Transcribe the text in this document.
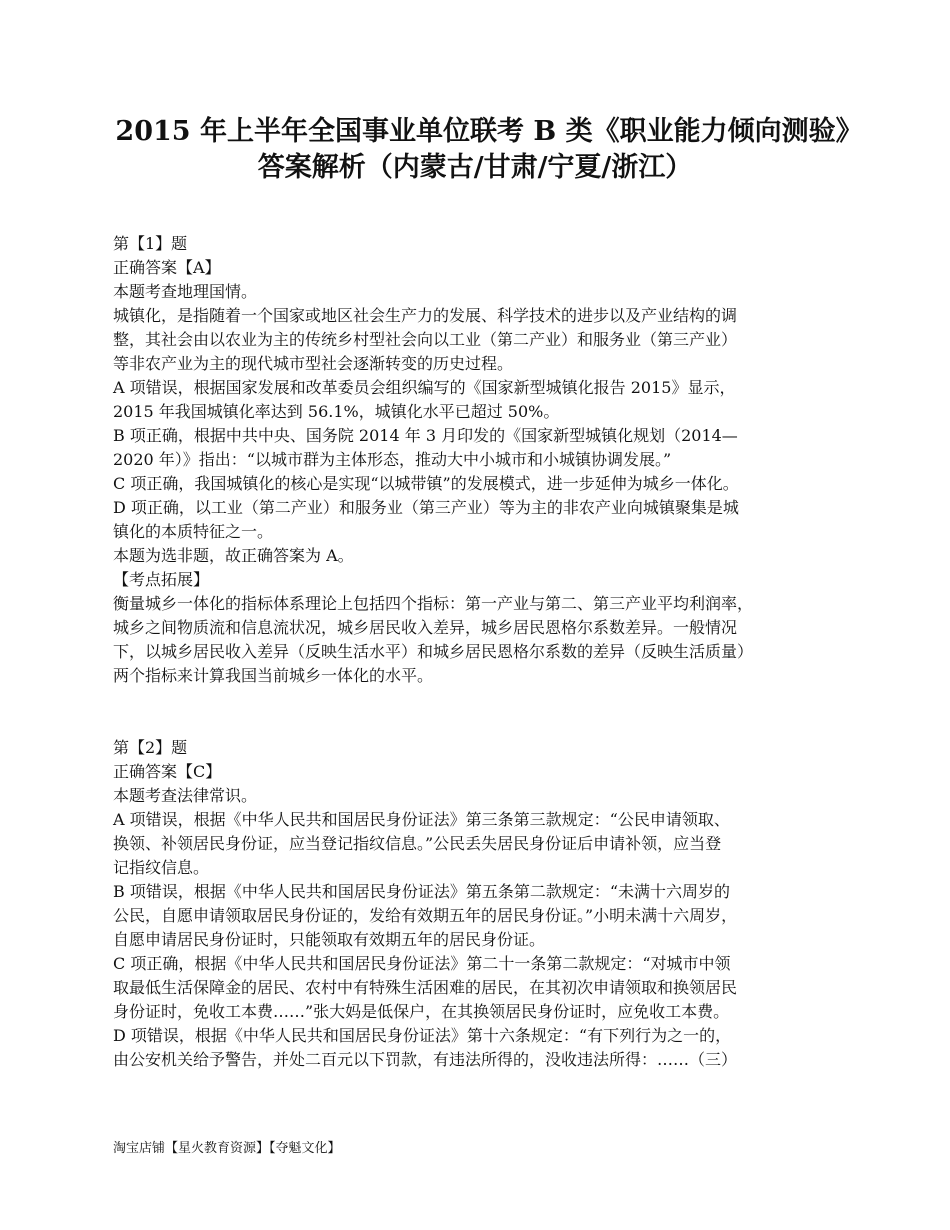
2015 年上半年全国事业单位联考 B 类《职业能力倾向测验》
答案解析（内蒙古/甘肃/宁夏/浙江）

第【1】题

正确答案【A】

本题考查地理国情。

城镇化，是指随着一个国家或地区社会生产力的发展、科学技术的进步以及产业结构的调

整，其社会由以农业为主的传统乡村型社会向以工业（第二产业）和服务业（第三产业）

等非农产业为主的现代城市型社会逐渐转变的历史过程。

A 项错误，根据国家发展和改革委员会组织编写的《国家新型城镇化报告 2015》显示，

2015 年我国城镇化率达到 56.1%，城镇化水平已超过 50%。

B 项正确，根据中共中央、国务院 2014 年 3 月印发的《国家新型城镇化规划（2014—

2020 年）》指出：“以城市群为主体形态，推动大中小城市和小城镇协调发展。”

C 项正确，我国城镇化的核心是实现“以城带镇”的发展模式，进一步延伸为城乡一体化。

D 项正确，以工业（第二产业）和服务业（第三产业）等为主的非农产业向城镇聚集是城

镇化的本质特征之一。

本题为选非题，故正确答案为 A。

【考点拓展】

衡量城乡一体化的指标体系理论上包括四个指标：第一产业与第二、第三产业平均利润率，

城乡之间物质流和信息流状况，城乡居民收入差异，城乡居民恩格尔系数差异。一般情况

下，以城乡居民收入差异（反映生活水平）和城乡居民恩格尔系数的差异（反映生活质量）

两个指标来计算我国当前城乡一体化的水平。

第【2】题

正确答案【C】

本题考查法律常识。

A 项错误，根据《中华人民共和国居民身份证法》第三条第三款规定：“公民申请领取、

换领、补领居民身份证，应当登记指纹信息。”公民丢失居民身份证后申请补领，应当登

记指纹信息。

B 项错误，根据《中华人民共和国居民身份证法》第五条第二款规定：“未满十六周岁的

公民，自愿申请领取居民身份证的，发给有效期五年的居民身份证。”小明未满十六周岁，

自愿申请居民身份证时，只能领取有效期五年的居民身份证。

C 项正确，根据《中华人民共和国居民身份证法》第二十一条第二款规定：“对城市中领

取最低生活保障金的居民、农村中有特殊生活困难的居民，在其初次申请领取和换领居民

身份证时，免收工本费……”张大妈是低保户，在其换领居民身份证时，应免收工本费。

D 项错误，根据《中华人民共和国居民身份证法》第十六条规定：“有下列行为之一的，

由公安机关给予警告，并处二百元以下罚款，有违法所得的，没收违法所得：……（三）

淘宝店铺【星火教育资源】【夺魁文化】
